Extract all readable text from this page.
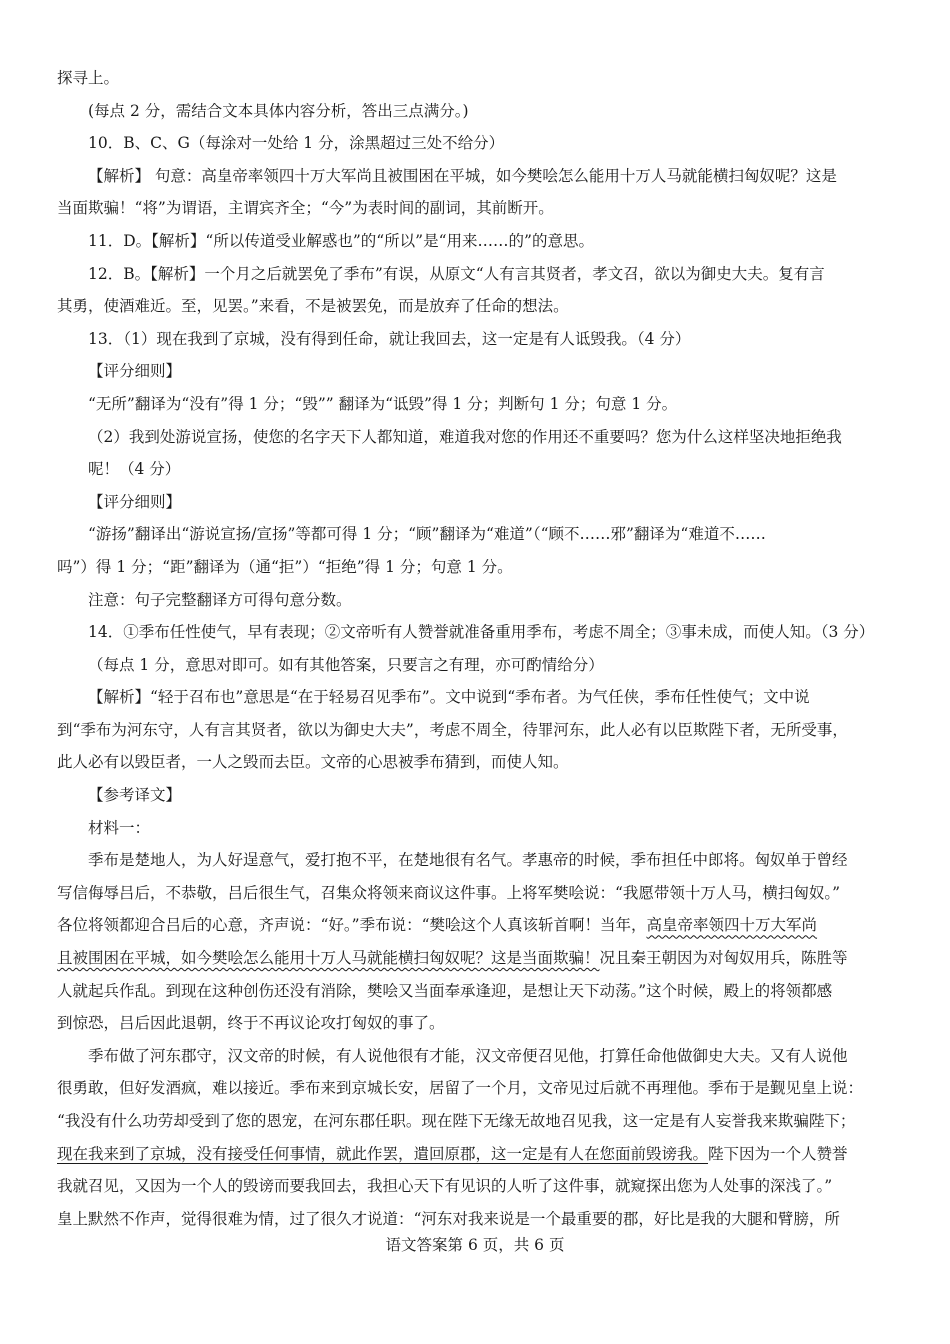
探寻上。
(每点 2 分，需结合文本具体内容分析，答出三点满分。)
10．B、C、G（每涂对一处给 1 分，涂黑超过三处不给分）
【解析】 句意：高皇帝率领四十万大军尚且被围困在平城，如今樊哙怎么能用十万人马就能横扫匈奴呢？这是
当面欺骗！“将”为谓语，主谓宾齐全；“今”为表时间的副词，其前断开。
11．D。【解析】“所以传道受业解惑也”的“所以”是“用来……的”的意思。
12．B。【解析】一个月之后就罢免了季布”有误，从原文“人有言其贤者，孝文召，欲以为御史大夫。复有言
其勇，使酒难近。至，见罢。”来看，不是被罢免，而是放弃了任命的想法。
13．（1）现在我到了京城，没有得到任命，就让我回去，这一定是有人诋毁我。（4 分）
【评分细则】
“无所”翻译为“没有”得 1 分；“毁”” 翻译为“诋毁”得 1 分；判断句 1 分；句意 1 分。
（2）我到处游说宣扬，使您的名字天下人都知道，难道我对您的作用还不重要吗？您为什么这样坚决地拒绝我
呢！（4 分）
【评分细则】
“游扬”翻译出“游说宣扬/宣扬”等都可得 1 分；“顾”翻译为“难道”（“顾不……邪”翻译为“难道不……
吗”）得 1 分；“距”翻译为（通“拒”）“拒绝”得 1 分；句意 1 分。
注意：句子完整翻译方可得句意分数。
14．①季布任性使气，早有表现；②文帝听有人赞誉就准备重用季布，考虑不周全；③事未成，而使人知。（3 分）
（每点 1 分，意思对即可。如有其他答案，只要言之有理，亦可酌情给分）
【解析】“轻于召布也”意思是“在于轻易召见季布”。文中说到“季布者。为气任侠，季布任性使气；文中说
到“季布为河东守，人有言其贤者，欲以为御史大夫”，考虑不周全，待罪河东，此人必有以臣欺陛下者，无所受事，
此人必有以毁臣者，一人之毁而去臣。文帝的心思被季布猜到，而使人知。
【参考译文】
材料一：
季布是楚地人，为人好逞意气，爱打抱不平，在楚地很有名气。孝惠帝的时候，季布担任中郎将。匈奴单于曾经
写信侮辱吕后，不恭敬，吕后很生气，召集众将领来商议这件事。上将军樊哙说：“我愿带领十万人马，横扫匈奴。”
各位将领都迎合吕后的心意，齐声说：“好。”季布说：“樊哙这个人真该斩首啊！当年，高皇帝率领四十万大军尚
且被围困在平城，如今樊哙怎么能用十万人马就能横扫匈奴呢？这是当面欺骗！况且秦王朝因为对匈奴用兵，陈胜等
人就起兵作乱。到现在这种创伤还没有消除，樊哙又当面奉承逢迎，是想让天下动荡。”这个时候，殿上的将领都感
到惊恐，吕后因此退朝，终于不再议论攻打匈奴的事了。
季布做了河东郡守，汉文帝的时候，有人说他很有才能，汉文帝便召见他，打算任命他做御史大夫。又有人说他
很勇敢，但好发酒疯，难以接近。季布来到京城长安，居留了一个月，文帝见过后就不再理他。季布于是觐见皇上说：
“我没有什么功劳却受到了您的恩宠，在河东郡任职。现在陛下无缘无故地召见我，这一定是有人妄誉我来欺骗陛下；
现在我来到了京城，没有接受任何事情，就此作罢，遣回原郡，这一定是有人在您面前毁谤我。陛下因为一个人赞誉
我就召见，又因为一个人的毁谤而要我回去，我担心天下有见识的人听了这件事，就窥探出您为人处事的深浅了。”
皇上默然不作声，觉得很难为情，过了很久才说道：“河东对我来说是一个最重要的郡，好比是我的大腿和臂膀，所
语文答案第 6 页，共 6 页
